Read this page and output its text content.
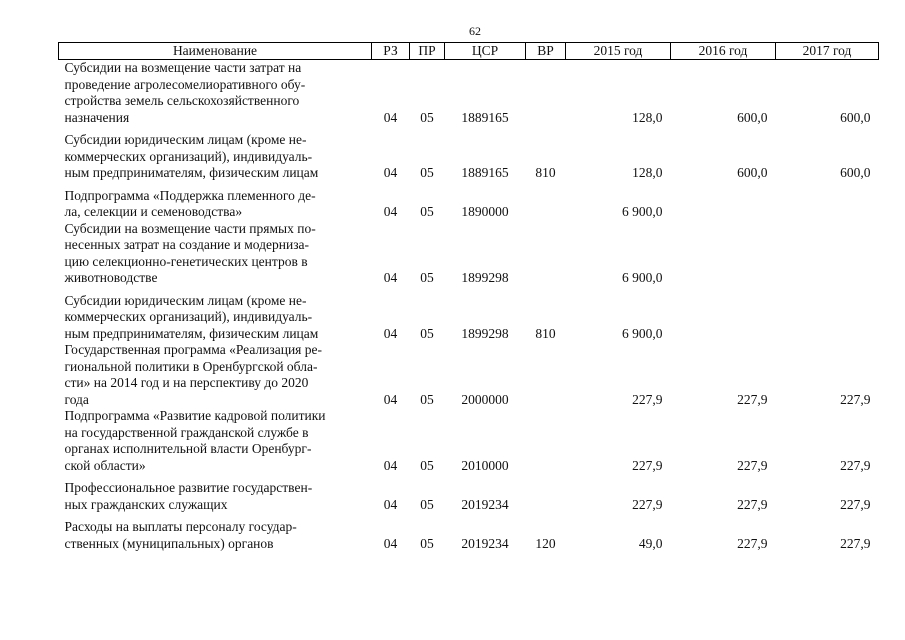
62
Наименование	РЗ	ПР	ЦСР	ВР	2015 год	2016 год	2017 год

Субсидии на возмещение части затрат на
проведение агролесомелиоративного обу-
стройства земель сельскохозяйственного
назначения	04	05	1889165		128,0	600,0	600,0

Субсидии юридическим лицам (кроме не-
коммерческих организаций), индивидуаль-
ным предпринимателям, физическим лицам	04	05	1889165	810	128,0	600,0	600,0

Подпрограмма «Поддержка племенного де-
ла, селекции и семеноводства»	04	05	1890000		6 900,0		

Субсидии на возмещение части прямых по-
несенных затрат на создание и модерниза-
цию селекционно-генетических центров в
животноводстве	04	05	1899298		6 900,0		

Субсидии юридическим лицам (кроме не-
коммерческих организаций), индивидуаль-
ным предпринимателям, физическим лицам	04	05	1899298	810	6 900,0		

Государственная программа «Реализация ре-
гиональной политики в Оренбургской обла-
сти» на 2014 год и на перспективу до 2020
года	04	05	2000000		227,9	227,9	227,9

Подпрограмма «Развитие кадровой политики
на государственной гражданской службе в
органах исполнительной власти Оренбург-
ской области»	04	05	2010000		227,9	227,9	227,9

Профессиональное развитие государствен-
ных гражданских служащих	04	05	2019234		227,9	227,9	227,9

Расходы на выплаты персоналу государ-
ственных (муниципальных) органов	04	05	2019234	120	49,0	227,9	227,9
